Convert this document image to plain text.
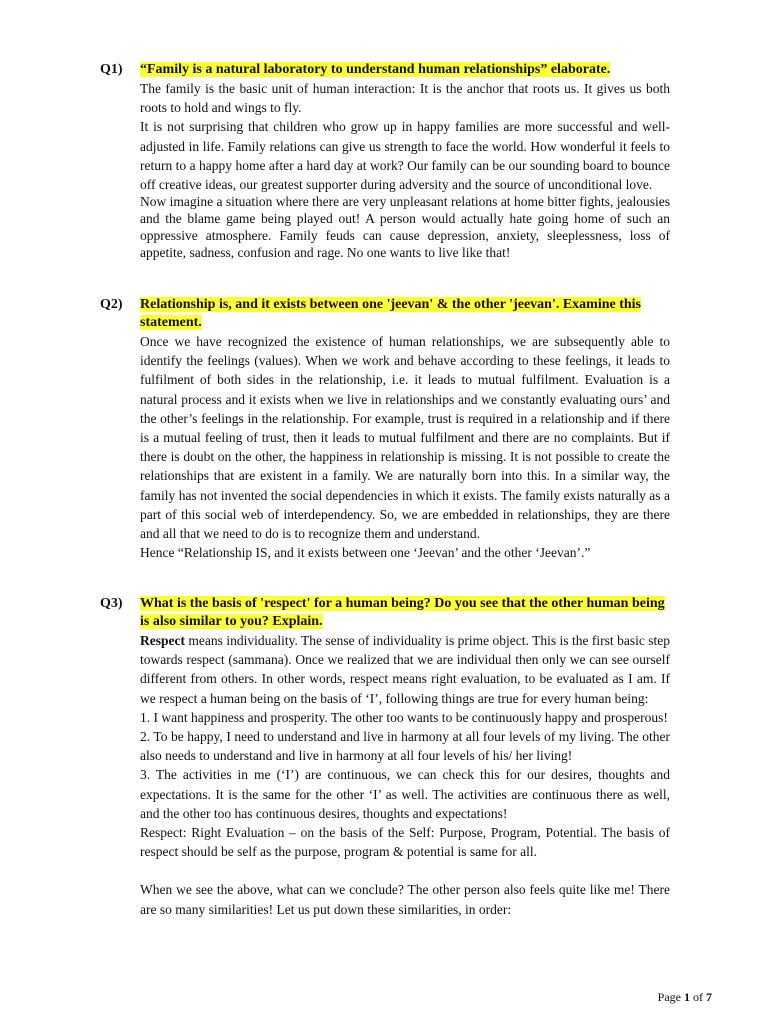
Q1)	“Family is a natural laboratory to understand human relationships” elaborate.

The family is the basic unit of human interaction: It is the anchor that roots us. It gives us both roots to hold and wings to fly.

It is not surprising that children who grow up in happy families are more successful and well-adjusted in life. Family relations can give us strength to face the world. How wonderful it feels to return to a happy home after a hard day at work? Our family can be our sounding board to bounce off creative ideas, our greatest supporter during adversity and the source of unconditional love.

Now imagine a situation where there are very unpleasant relations at home bitter fights, jealousies and the blame game being played out! A person would actually hate going home of such an oppressive atmosphere. Family feuds can cause depression, anxiety, sleeplessness, loss of appetite, sadness, confusion and rage. No one wants to live like that!

Q2)	Relationship is, and it exists between one 'jeevan' & the other 'jeevan'. Examine this statement.

Once we have recognized the existence of human relationships, we are subsequently able to identify the feelings (values). When we work and behave according to these feelings, it leads to fulfilment of both sides in the relationship, i.e. it leads to mutual fulfilment. Evaluation is a natural process and it exists when we live in relationships and we constantly evaluating ours’ and the other’s feelings in the relationship. For example, trust is required in a relationship and if there is a mutual feeling of trust, then it leads to mutual fulfilment and there are no complaints. But if there is doubt on the other, the happiness in relationship is missing. It is not possible to create the relationships that are existent in a family. We are naturally born into this. In a similar way, the family has not invented the social dependencies in which it exists. The family exists naturally as a part of this social web of interdependency. So, we are embedded in relationships, they are there and all that we need to do is to recognize them and understand.

Hence “Relationship IS, and it exists between one ‘Jeevan’ and the other ‘Jeevan’.”

Q3)	What is the basis of 'respect' for a human being? Do you see that the other human being is also similar to you? Explain.

Respect means individuality. The sense of individuality is prime object. This is the first basic step towards respect (sammana). Once we realized that we are individual then only we can see ourself different from others. In other words, respect means right evaluation, to be evaluated as I am. If we respect a human being on the basis of ‘I’, following things are true for every human being:

1. I want happiness and prosperity. The other too wants to be continuously happy and prosperous!

2. To be happy, I need to understand and live in harmony at all four levels of my living. The other also needs to understand and live in harmony at all four levels of his/ her living!

3. The activities in me (‘I’) are continuous, we can check this for our desires, thoughts and expectations. It is the same for the other ‘I’ as well. The activities are continuous there as well, and the other too has continuous desires, thoughts and expectations!

Respect: Right Evaluation – on the basis of the Self: Purpose, Program, Potential. The basis of respect should be self as the purpose, program & potential is same for all.

When we see the above, what can we conclude? The other person also feels quite like me! There are so many similarities! Let us put down these similarities, in order:

Page 1 of 7
